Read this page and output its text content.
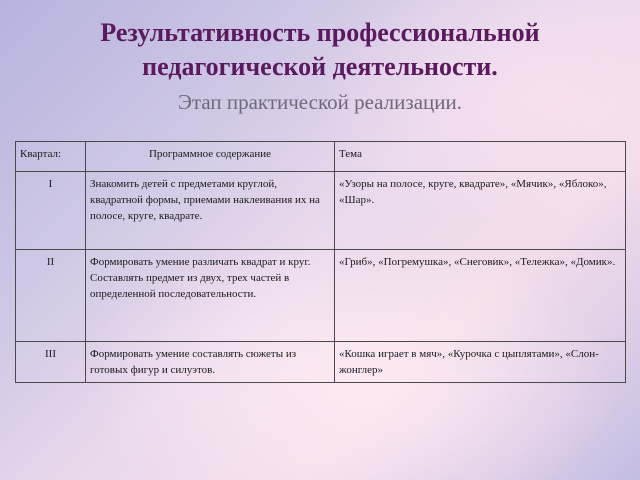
Результативность профессиональной
педагогической деятельности.
Этап практической реализации.
Квартал:	Программное содержание	Тема
I	Знакомить детей с предметами круглой, квадратной формы, приемами наклеивания их на полосе, круге, квадрате.	«Узоры на полосе, круге, квадрате», «Мячик», «Яблоко», «Шар».
II	Формировать умение различать квадрат и круг. Составлять предмет из двух, трех частей в определенной последовательности.	«Гриб», «Погремушка», «Снеговик», «Тележка», «Домик».
III	Формировать умение составлять сюжеты из готовых фигур и силуэтов.	«Кошка играет в мяч», «Курочка с цыплятами», «Слон-жонглер»
